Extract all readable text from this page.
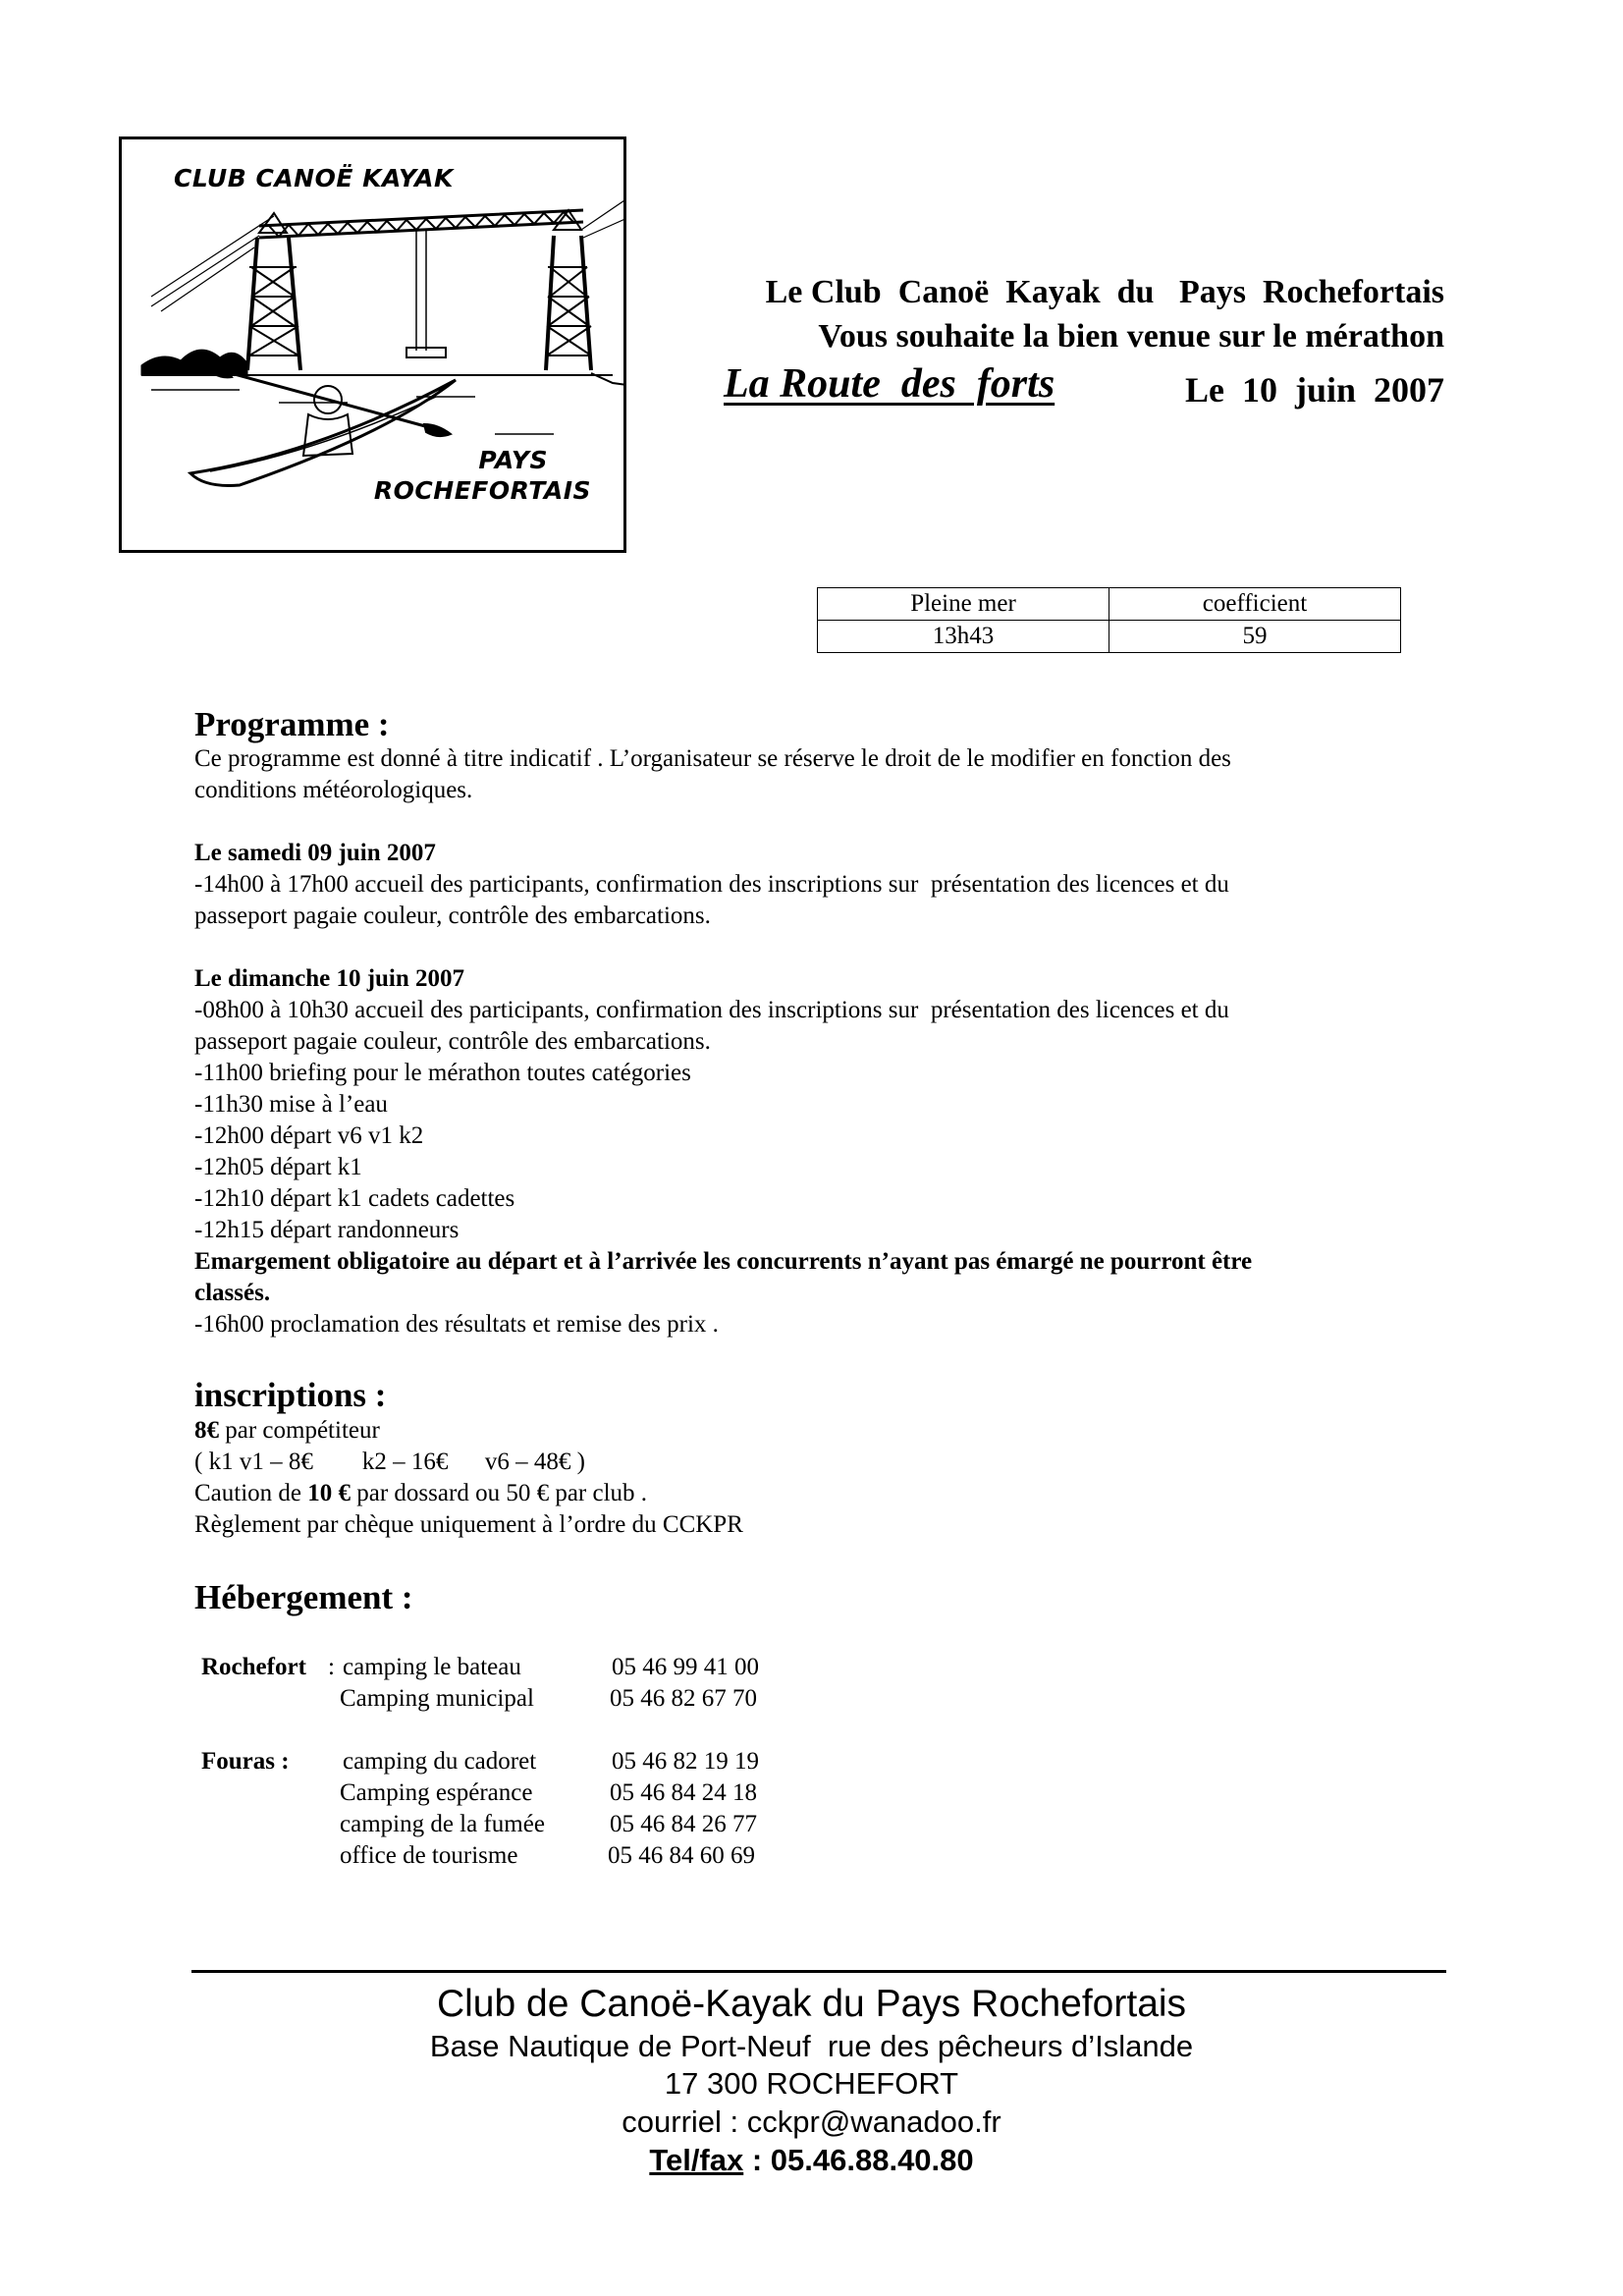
CLUB CANOË KAYAK
PAYS
ROCHEFORTAIS
Le Club  Canoë  Kayak  du   Pays  Rochefortais
Vous souhaite la bien venue sur le mérathon
La Route  des  forts	Le  10  juin  2007
Pleine mer	coefficient
13h43	59
Programme :
Ce programme est donné à titre indicatif . L’organisateur se réserve le droit de le modifier en fonction des
conditions météorologiques.
Le samedi 09 juin 2007
-14h00 à 17h00 accueil des participants, confirmation des inscriptions sur  présentation des licences et du
passeport pagaie couleur, contrôle des embarcations.
Le dimanche 10 juin 2007
-08h00 à 10h30 accueil des participants, confirmation des inscriptions sur  présentation des licences et du
passeport pagaie couleur, contrôle des embarcations.
-11h00 briefing pour le mérathon toutes catégories
-11h30 mise à l’eau
-12h00 départ v6 v1 k2
-12h05 départ k1
-12h10 départ k1 cadets cadettes
-12h15 départ randonneurs
Emargement obligatoire au départ et à l’arrivée les concurrents n’ayant pas émargé ne pourront être
classés.
-16h00 proclamation des résultats et remise des prix .
inscriptions :
8€ par compétiteur
( k1 v1 – 8€        k2 – 16€      v6 – 48€ )
Caution de 10 € par dossard ou 50 € par club .
Règlement par chèque uniquement à l’ordre du CCKPR
Hébergement :
Rochefort : camping le bateau	05 46 99 41 00
Camping municipal	05 46 82 67 70
Fouras : camping du cadoret	05 46 82 19 19
Camping espérance	05 46 84 24 18
camping de la fumée	05 46 84 26 77
office de tourisme	05 46 84 60 69
Club de Canoë-Kayak du Pays Rochefortais
Base Nautique de Port-Neuf  rue des pêcheurs d’Islande
17 300 ROCHEFORT
courriel : cckpr@wanadoo.fr
Tel/fax : 05.46.88.40.80
